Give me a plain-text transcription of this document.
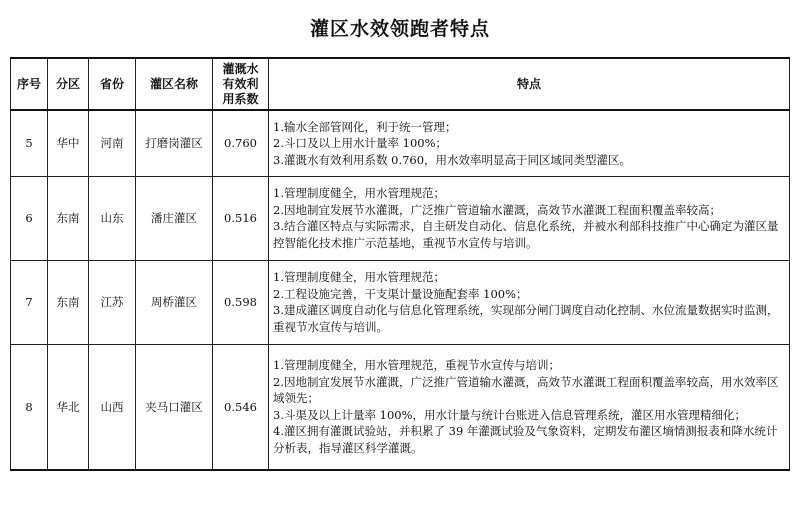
灌区水效领跑者特点
序号	分区	省份	灌区名称	灌溉水有效利用系数	特点
5	华中	河南	打磨岗灌区	0.760	1.输水全部管网化，利于统一管理；
2.斗口及以上用水计量率 100%；
3.灌溉水有效利用系数 0.760，用水效率明显高于同区域同类型灌区。

6	东南	山东	潘庄灌区	0.516	1.管理制度健全，用水管理规范；
2.因地制宜发展节水灌溉，广泛推广管道输水灌溉，高效节水灌溉工程面积覆盖率较高；
3.结合灌区特点与实际需求，自主研发自动化、信息化系统，并被水利部科技推广中心确定为灌区量控智能化技术推广示范基地，重视节水宣传与培训。

7	东南	江苏	周桥灌区	0.598	1.管理制度健全，用水管理规范；
2.工程设施完善，干支渠计量设施配套率 100%；
3.建成灌区调度自动化与信息化管理系统，实现部分闸门调度自动化控制、水位流量数据实时监测，重视节水宣传与培训。

8	华北	山西	夹马口灌区	0.546	1.管理制度健全，用水管理规范，重视节水宣传与培训；
2.因地制宜发展节水灌溉，广泛推广管道输水灌溉，高效节水灌溉工程面积覆盖率较高，用水效率区域领先；
3.斗渠及以上计量率 100%，用水计量与统计台账进入信息管理系统，灌区用水管理精细化；
4.灌区拥有灌溉试验站，并积累了 39 年灌溉试验及气象资料，定期发布灌区墒情测报表和降水统计分析表，指导灌区科学灌溉。
